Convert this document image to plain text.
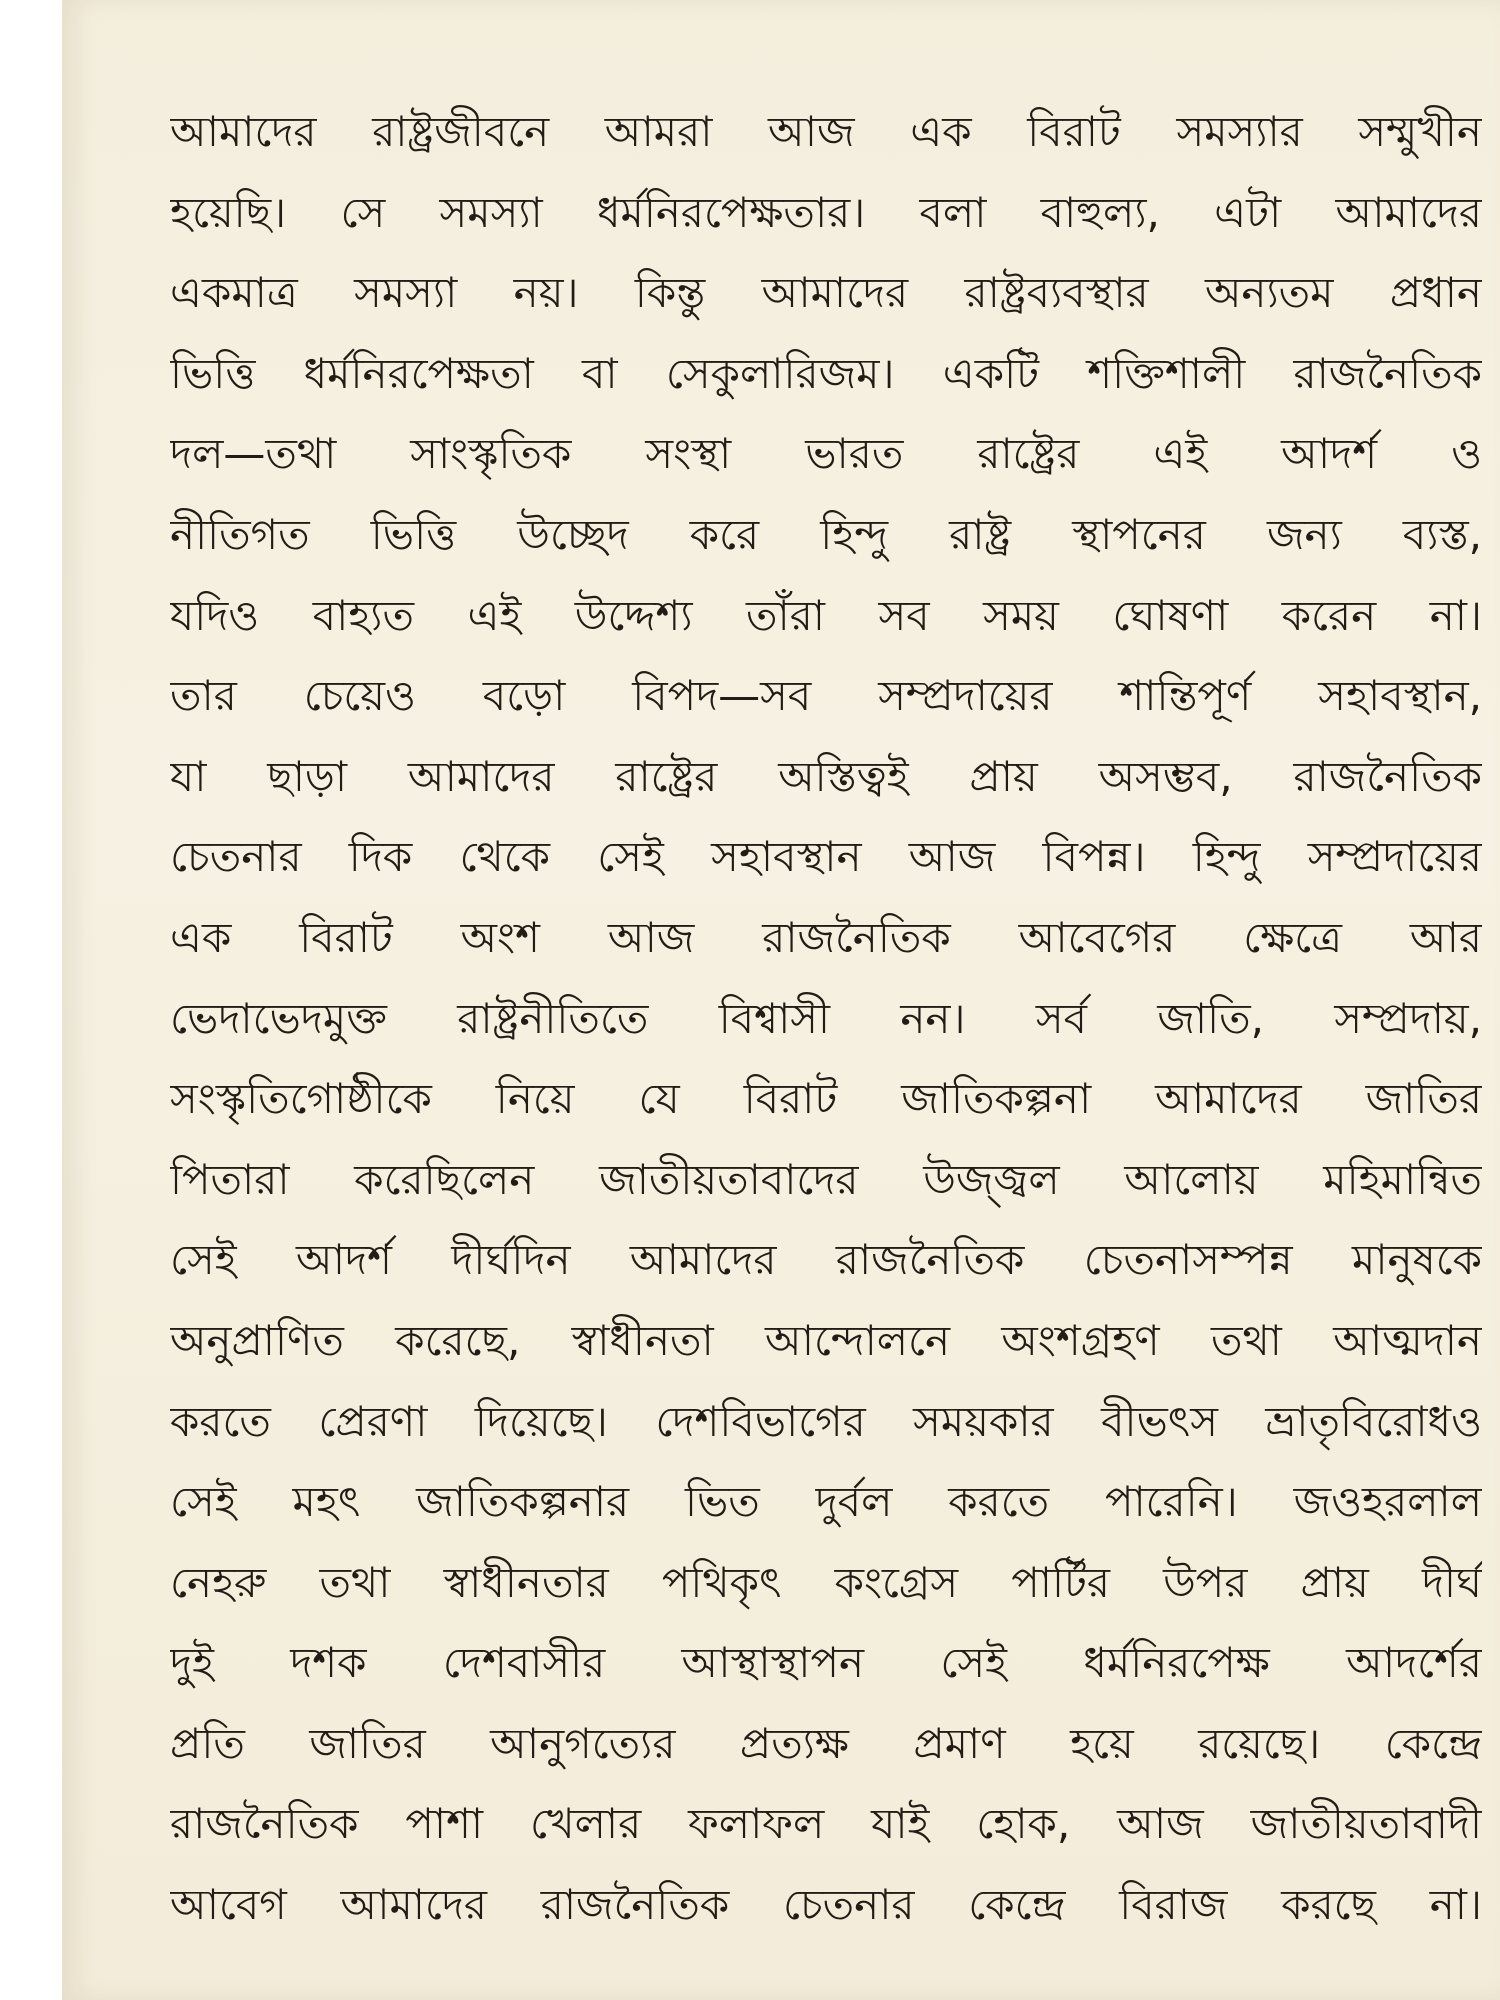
আমাদের রাষ্ট্রজীবনে আমরা আজ এক বিরাট সমস্যার সম্মুখীন
হয়েছি। সে সমস্যা ধর্মনিরপেক্ষতার। বলা বাহুল্য, এটা আমাদের
একমাত্র সমস্যা নয়। কিন্তু আমাদের রাষ্ট্রব্যবস্থার অন্যতম প্রধান
ভিত্তি ধর্মনিরপেক্ষতা বা সেকুলারিজম। একটি শক্তিশালী রাজনৈতিক
দল—তথা সাংস্কৃতিক সংস্থা ভারত রাষ্ট্রের এই আদর্শ ও
নীতিগত ভিত্তি উচ্ছেদ করে হিন্দু রাষ্ট্র স্থাপনের জন্য ব্যস্ত,
যদিও বাহ্যত এই উদ্দেশ্য তাঁরা সব সময় ঘোষণা করেন না।
তার চেয়েও বড়ো বিপদ—সব সম্প্রদায়ের শান্তিপূর্ণ সহাবস্থান,
যা ছাড়া আমাদের রাষ্ট্রের অস্তিত্বই প্রায় অসম্ভব, রাজনৈতিক
চেতনার দিক থেকে সেই সহাবস্থান আজ বিপন্ন। হিন্দু সম্প্রদায়ের
এক বিরাট অংশ আজ রাজনৈতিক আবেগের ক্ষেত্রে আর
ভেদাভেদমুক্ত রাষ্ট্রনীতিতে বিশ্বাসী নন। সর্ব জাতি, সম্প্রদায়,
সংস্কৃতিগোষ্ঠীকে নিয়ে যে বিরাট জাতিকল্পনা আমাদের জাতির
পিতারা করেছিলেন জাতীয়তাবাদের উজ্জ্বল আলোয় মহিমান্বিত
সেই আদর্শ দীর্ঘদিন আমাদের রাজনৈতিক চেতনাসম্পন্ন মানুষকে
অনুপ্রাণিত করেছে, স্বাধীনতা আন্দোলনে অংশগ্রহণ তথা আত্মদান
করতে প্রেরণা দিয়েছে। দেশবিভাগের সময়কার বীভৎস ভ্রাতৃবিরোধও
সেই মহৎ জাতিকল্পনার ভিত দুর্বল করতে পারেনি। জওহরলাল
নেহরু তথা স্বাধীনতার পথিকৃৎ কংগ্রেস পার্টির উপর প্রায় দীর্ঘ
দুই দশক দেশবাসীর আস্থাস্থাপন সেই ধর্মনিরপেক্ষ আদর্শের
প্রতি জাতির আনুগত্যের প্রত্যক্ষ প্রমাণ হয়ে রয়েছে। কেন্দ্রে
রাজনৈতিক পাশা খেলার ফলাফল যাই হোক, আজ জাতীয়তাবাদী
আবেগ আমাদের রাজনৈতিক চেতনার কেন্দ্রে বিরাজ করছে না।
